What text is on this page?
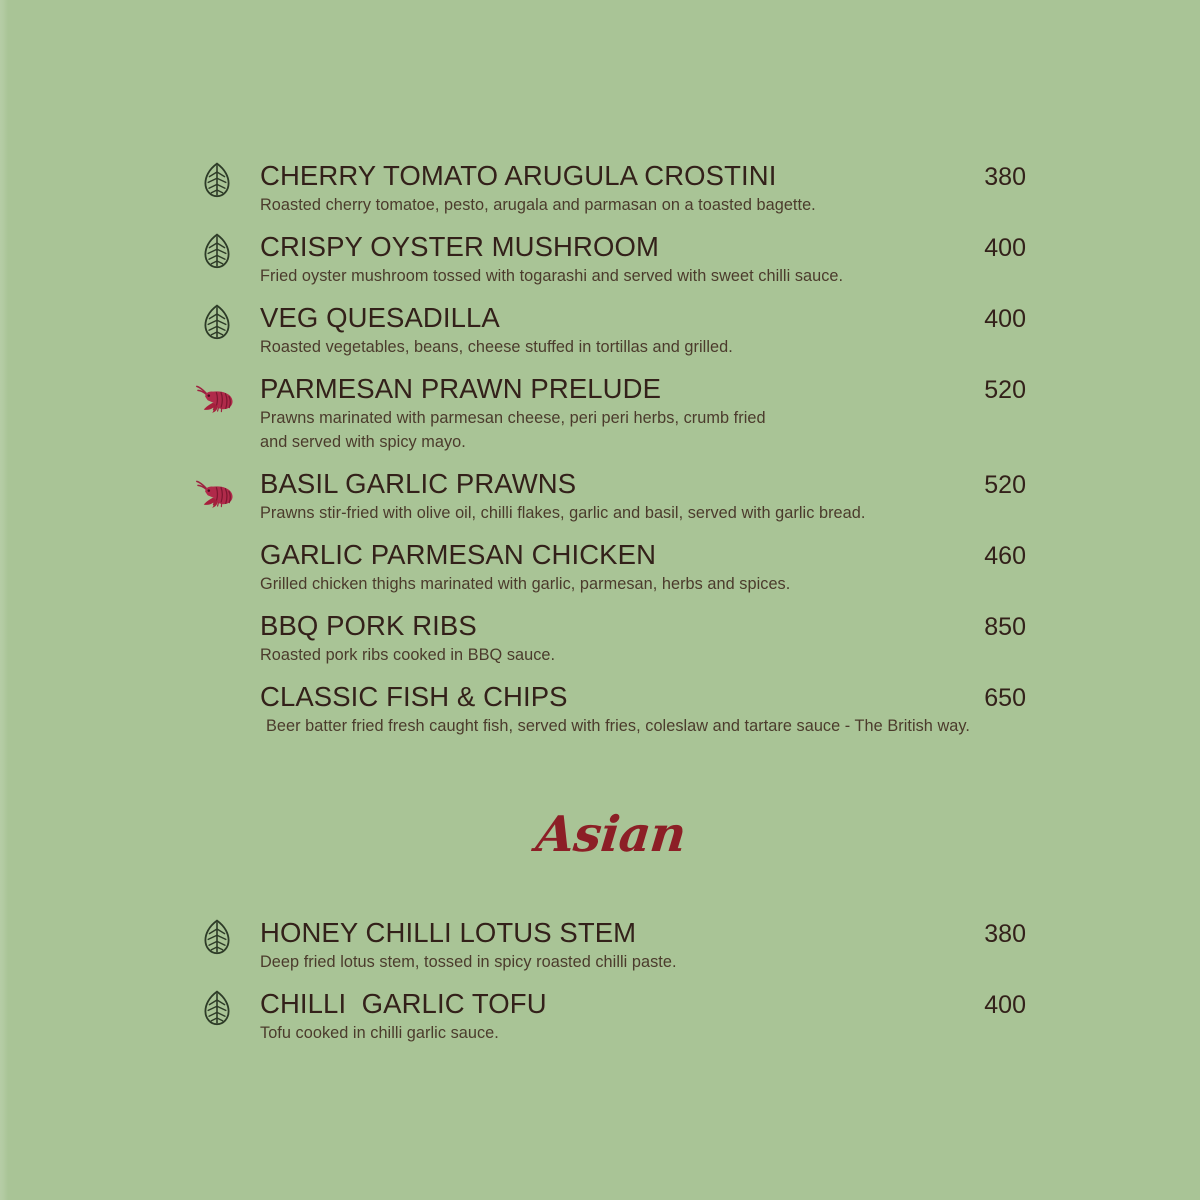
CHERRY TOMATO ARUGULA CROSTINI	380
Roasted cherry tomatoe, pesto, arugala and parmasan on a toasted bagette.
CRISPY OYSTER MUSHROOM	400
Fried oyster mushroom tossed with togarashi and served with sweet chilli sauce.
VEG QUESADILLA	400
Roasted vegetables, beans, cheese stuffed in tortillas and grilled.
PARMESAN PRAWN PRELUDE	520
Prawns marinated with parmesan cheese, peri peri herbs, crumb fried and served with spicy mayo.
BASIL GARLIC PRAWNS	520
Prawns stir-fried with olive oil, chilli flakes, garlic and basil, served with garlic bread.
GARLIC PARMESAN CHICKEN	460
Grilled chicken thighs marinated with garlic, parmesan, herbs and spices.
BBQ PORK RIBS	850
Roasted pork ribs cooked in BBQ sauce.
CLASSIC FISH & CHIPS	650
Beer batter fried fresh caught fish, served with fries, coleslaw and tartare sauce - The British way.
Asian
HONEY CHILLI LOTUS STEM	380
Deep fried lotus stem, tossed in spicy roasted chilli paste.
CHILLI  GARLIC TOFU	400
Tofu cooked in chilli garlic sauce.
